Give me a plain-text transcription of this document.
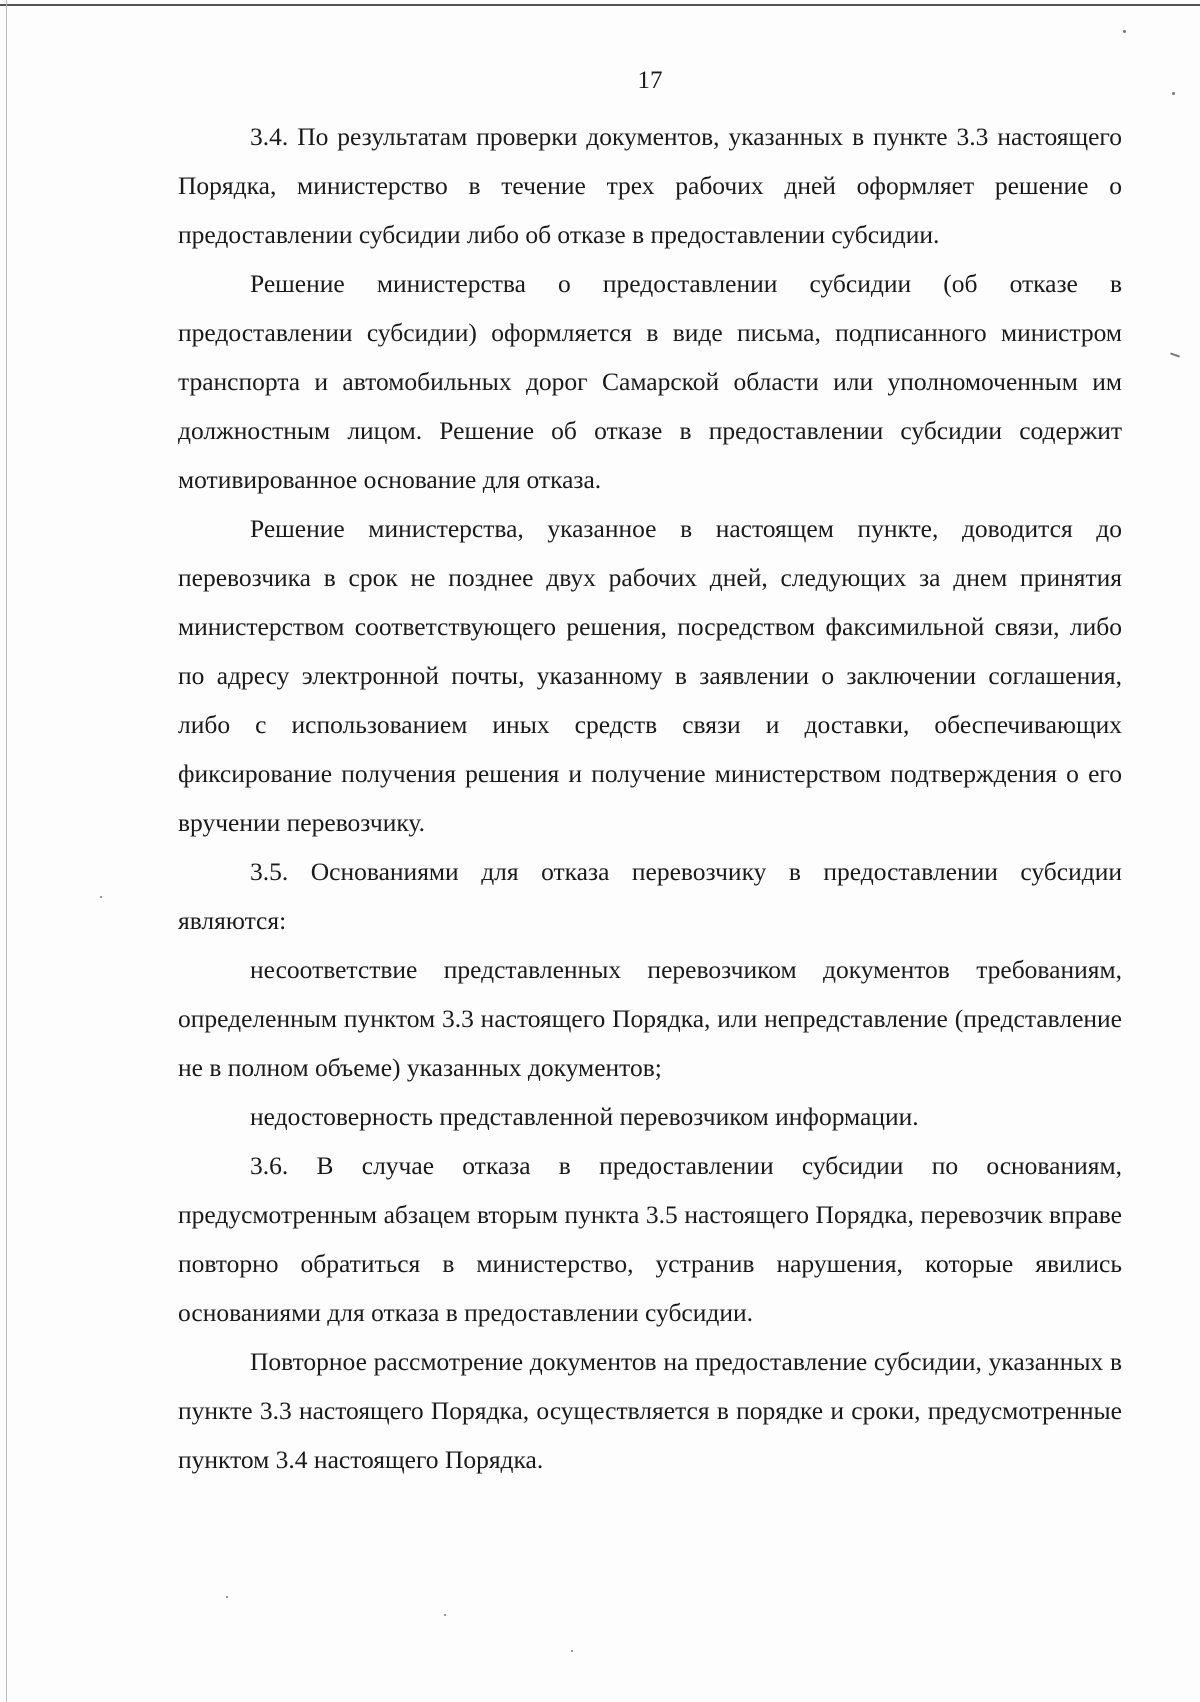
17

3.4. По результатам проверки документов, указанных в пункте 3.3 настоящего Порядка, министерство в течение трех рабочих дней оформляет решение о предоставлении субсидии либо об отказе в предоставлении субсидии.

Решение министерства о предоставлении субсидии (об отказе в предоставлении субсидии) оформляется в виде письма, подписанного министром транспорта и автомобильных дорог Самарской области или уполномоченным им должностным лицом. Решение об отказе в предоставлении субсидии содержит мотивированное основание для отказа.

Решение министерства, указанное в настоящем пункте, доводится до перевозчика в срок не позднее двух рабочих дней, следующих за днем принятия министерством соответствующего решения, посредством факсимильной связи, либо по адресу электронной почты, указанному в заявлении о заключении соглашения, либо с использованием иных средств связи и доставки, обеспечивающих фиксирование получения решения и получение министерством подтверждения о его вручении перевозчику.

3.5. Основаниями для отказа перевозчику в предоставлении субсидии являются:

несоответствие представленных перевозчиком документов требованиям, определенным пунктом 3.3 настоящего Порядка, или непредставление (представление не в полном объеме) указанных документов;

недостоверность представленной перевозчиком информации.

3.6. В случае отказа в предоставлении субсидии по основаниям, предусмотренным абзацем вторым пункта 3.5 настоящего Порядка, перевозчик вправе повторно обратиться в министерство, устранив нарушения, которые явились основаниями для отказа в предоставлении субсидии.

Повторное рассмотрение документов на предоставление субсидии, указанных в пункте 3.3 настоящего Порядка, осуществляется в порядке и сроки, предусмотренные пунктом 3.4 настоящего Порядка.
